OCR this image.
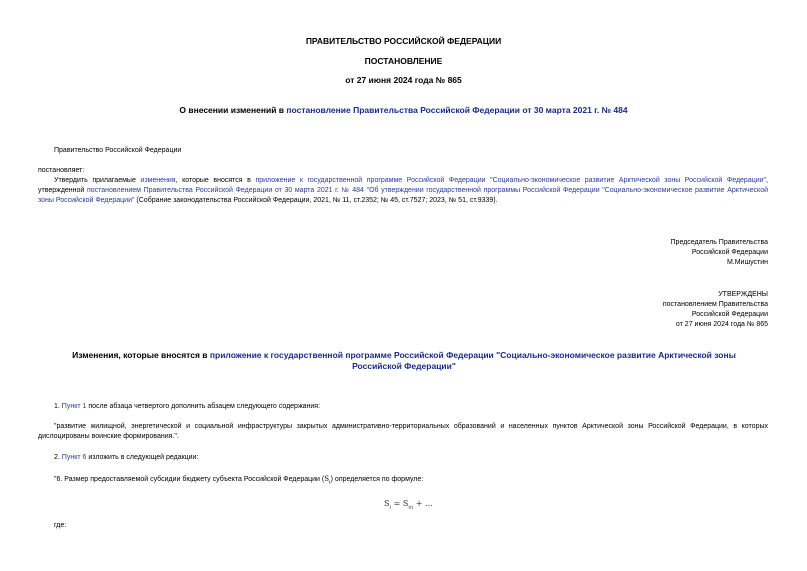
ПРАВИТЕЛЬСТВО РОССИЙСКОЙ ФЕДЕРАЦИИ
ПОСТАНОВЛЕНИЕ
от 27 июня 2024 года № 865
О внесении изменений в постановление Правительства Российской Федерации от 30 марта 2021 г. № 484
Правительство Российской Федерации
постановляет:
Утвердить прилагаемые изменения, которые вносятся в приложение к государственной программе Российской Федерации "Социально-экономическое развитие Арктической зоны Российской Федерации", утвержденной постановлением Правительства Российской Федерации от 30 марта 2021 г. № 484 "Об утверждении государственной программы Российской Федерации "Социально-экономическое развитие Арктической зоны Российской Федерации" (Собрание законодательства Российской Федерации, 2021, № 11, ст.2352; № 45, ст.7527; 2023, № 51, ст.9339).
Председатель Правительства
Российской Федерации
М.Мишустин
УТВЕРЖДЕНЫ
постановлением Правительства
Российской Федерации
от 27 июня 2024 года № 865
Изменения, которые вносятся в приложение к государственной программе Российской Федерации "Социально-экономическое развитие Арктической зоны Российской Федерации"
1. Пункт 1 после абзаца четвертого дополнить абзацем следующего содержания:
"развитие жилищной, энергетической и социальной инфраструктуры закрытых административно-территориальных образований и населенных пунктов Арктической зоны Российской Федерации, в которых дислоцированы воинские формирования.".
2. Пункт 6 изложить в следующей редакции:
"6. Размер предоставляемой субсидии бюджету субъекта Российской Федерации $(S_i)$ определяется по формуле:
$S_i = S_{ni}$ + ...
где:
